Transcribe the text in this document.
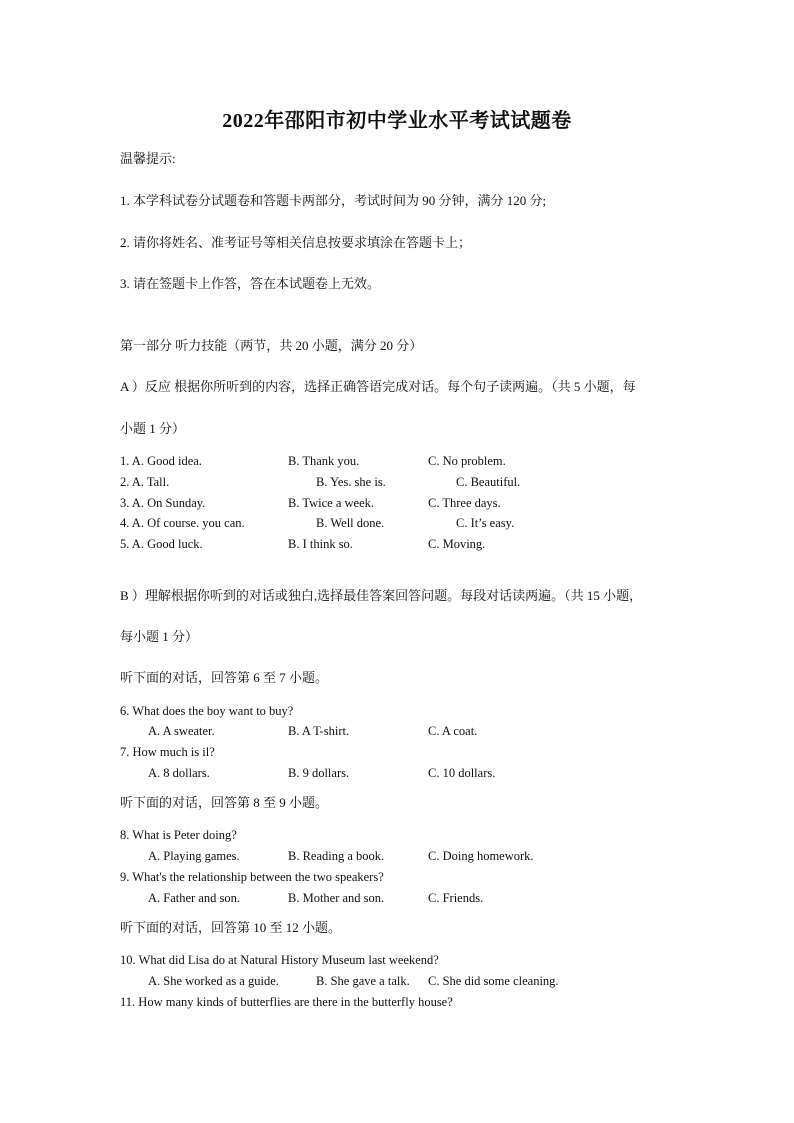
2022年邵阳市初中学业水平考试试题卷
温馨提示:
1. 本学科试卷分试题卷和答题卡两部分，考试时间为 90 分钟，满分 120 分;
2. 请你将姓名、准考证号等相关信息按要求填涂在答题卡上；
3. 请在签题卡上作答，答在本试题卷上无效。
第一部分 听力技能（两节，共 20 小题，满分 20 分）
A ）反应 根据你所听到的内容，选择正确答语完成对话。每个句子读两遍。（共 5 小题，每
小题 1 分）
1. A. Good idea.	B. Thank you.	C. No problem.
2. A. Tall.	B. Yes. she is.	C. Beautiful.
3. A. On Sunday.	B. Twice a week.	C. Three days.
4. A. Of course. you can.	B. Well done.	C. It’s easy.
5. A. Good luck.	B. I think so.	C. Moving.
B ）理解根据你听到的对话或独白,选择最佳答案回答问题。每段对话读两遍。（共 15 小题，
每小题 1 分）
听下面的对话，回答第 6 至 7 小题。
6. What does the boy want to buy?
A. A sweater.	B. A T-shirt.	C. A coat.
7. How much is il?
A. 8 dollars.	B. 9 dollars.	C. 10 dollars.
听下面的对话，回答第 8 至 9 小题。
8. What is Peter doing?
A. Playing games.	B. Reading a book.	C. Doing homework.
9. What's the relationship between the two speakers?
A. Father and son.	B. Mother and son.	C. Friends.
听下面的对话，回答第 10 至 12 小题。
10. What did Lisa do at Natural History Museum last weekend?
A. She worked as a guide.	B. She gave a talk. C. She did some cleaning.
11. How many kinds of butterflies are there in the butterfly house?
